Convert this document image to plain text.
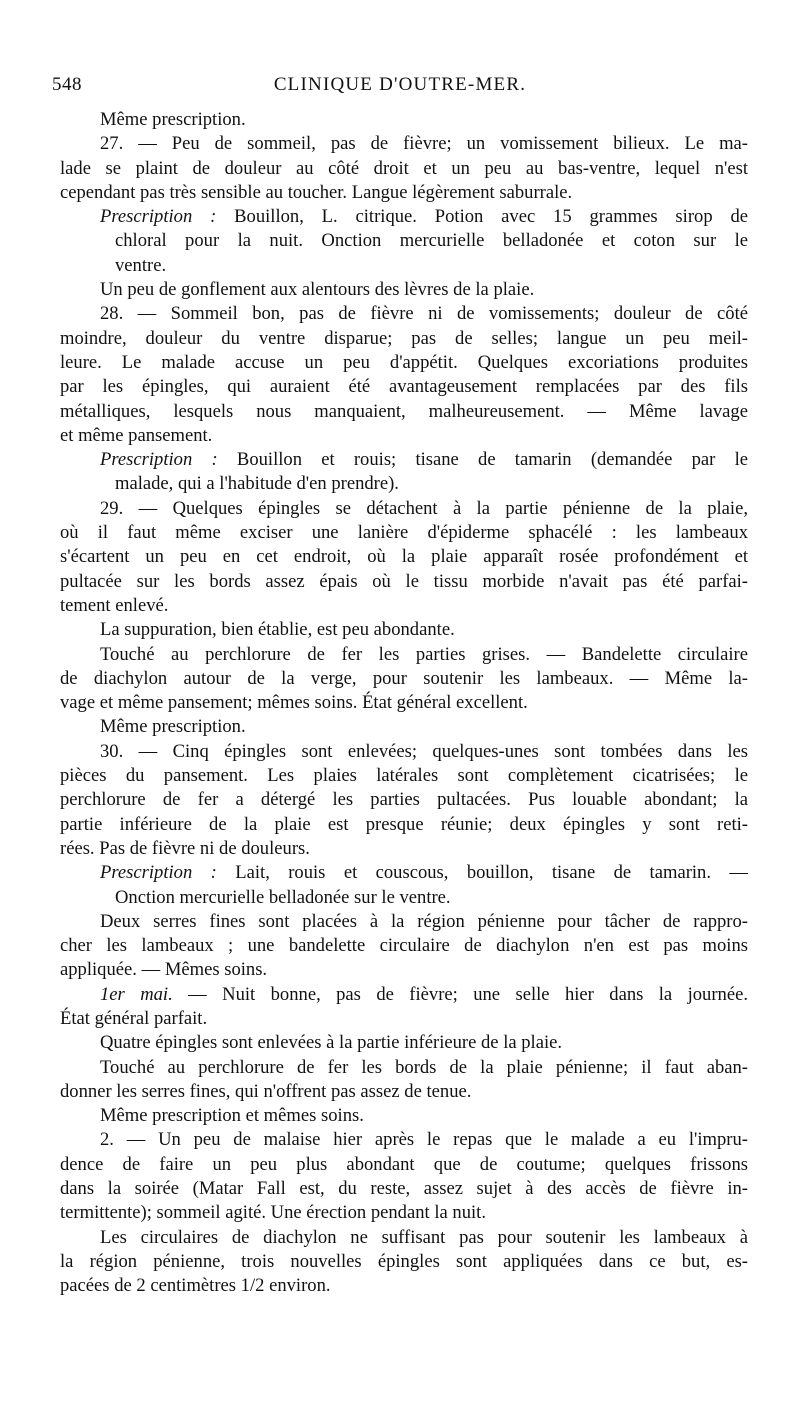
548	CLINIQUE D'OUTRE-MER.
Même prescription.
27. — Peu de sommeil, pas de fièvre; un vomissement bilieux. Le ma-
lade se plaint de douleur au côté droit et un peu au bas-ventre, lequel n'est
cependant pas très sensible au toucher. Langue légèrement saburrale.
Prescription : Bouillon, L. citrique. Potion avec 15 grammes sirop de
chloral pour la nuit. Onction mercurielle belladonée et coton sur le
ventre.
Un peu de gonflement aux alentours des lèvres de la plaie.
28. — Sommeil bon, pas de fièvre ni de vomissements; douleur de côté
moindre, douleur du ventre disparue; pas de selles; langue un peu meil-
leure. Le malade accuse un peu d'appétit. Quelques excoriations produites
par les épingles, qui auraient été avantageusement remplacées par des fils
métalliques, lesquels nous manquaient, malheureusement. — Même lavage
et même pansement.
Prescription : Bouillon et rouis; tisane de tamarin (demandée par le
malade, qui a l'habitude d'en prendre).
29. — Quelques épingles se détachent à la partie pénienne de la plaie,
où il faut même exciser une lanière d'épiderme sphacélé : les lambeaux
s'écartent un peu en cet endroit, où la plaie apparaît rosée profondément et
pultacée sur les bords assez épais où le tissu morbide n'avait pas été parfai-
tement enlevé.
La suppuration, bien établie, est peu abondante.
Touché au perchlorure de fer les parties grises. — Bandelette circulaire
de diachylon autour de la verge, pour soutenir les lambeaux. — Même la-
vage et même pansement; mêmes soins. État général excellent.
Même prescription.
30. — Cinq épingles sont enlevées; quelques-unes sont tombées dans les
pièces du pansement. Les plaies latérales sont complètement cicatrisées; le
perchlorure de fer a détergé les parties pultacées. Pus louable abondant; la
partie inférieure de la plaie est presque réunie; deux épingles y sont reti-
rées. Pas de fièvre ni de douleurs.
Prescription : Lait, rouis et couscous, bouillon, tisane de tamarin. —
Onction mercurielle belladonée sur le ventre.
Deux serres fines sont placées à la région pénienne pour tâcher de rappro-
cher les lambeaux ; une bandelette circulaire de diachylon n'en est pas moins
appliquée. — Mêmes soins.
1er mai. — Nuit bonne, pas de fièvre; une selle hier dans la journée.
État général parfait.
Quatre épingles sont enlevées à la partie inférieure de la plaie.
Touché au perchlorure de fer les bords de la plaie pénienne; il faut aban-
donner les serres fines, qui n'offrent pas assez de tenue.
Même prescription et mêmes soins.
2. — Un peu de malaise hier après le repas que le malade a eu l'impru-
dence de faire un peu plus abondant que de coutume; quelques frissons
dans la soirée (Matar Fall est, du reste, assez sujet à des accès de fièvre in-
termittente); sommeil agité. Une érection pendant la nuit.
Les circulaires de diachylon ne suffisant pas pour soutenir les lambeaux à
la région pénienne, trois nouvelles épingles sont appliquées dans ce but, es-
pacées de 2 centimètres 1/2 environ.
